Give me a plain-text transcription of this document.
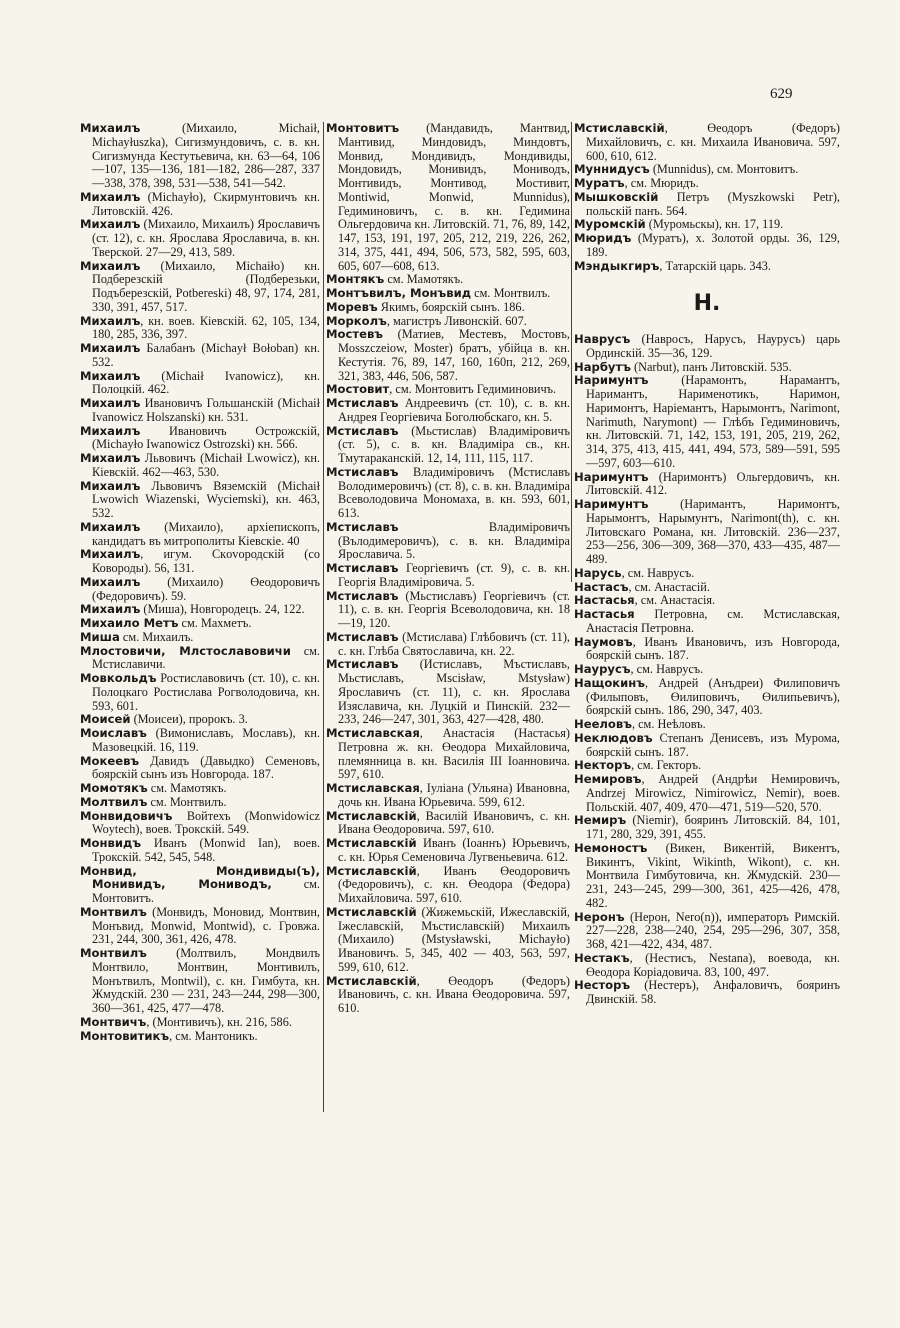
629

Михаилъ (Михаило, Michaił, Michayłuszka), Сигизмундовичъ, с. в. кн. Сигизмунда Кестутьевича, кн. 63—64, 106—107, 135—136, 181—182, 286—287, 337—338, 378, 398, 531—538, 541—542.

Михаилъ (Michayło), Скирмунтовичъ кн. Литовскій. 426.

Михаилъ (Михаило, Михаилъ) Ярославичъ (ст. 12), с. кн. Ярослава Ярославича, в. кн. Тверской. 27—29, 413, 589.

Михаилъ (Михаило, Michaiło) кн. Подберезскій (Подберезьки, Подъберезскій, Potbereski) 48, 97, 174, 281, 330, 391, 457, 517.

Михаилъ, кн. воев. Кіевскій. 62, 105, 134, 180, 285, 336, 397.

Михаилъ Балабанъ (Michaył Bołoban) кн. 532.

Михаилъ (Michaił Ivanowicz), кн. Полоцкій. 462.

Михаилъ Ивановичъ Гольшанскій (Michaił Ivanowicz Holszanski) кн. 531.

Михаилъ Ивановичъ Острожскій, (Michayło Iwanowicz Ostrozski) кн. 566.

Михаилъ Львовичъ (Michaił Lwowicz), кн. Кіевскій. 462—463, 530.

Михаилъ Львовичъ Вяземскій (Michaił Lwowich Wiazenski, Wyciemski), кн. 463, 532.

Михаилъ (Михаило), архіепископъ, кандидатъ въ митрополиты Кіевскіе. 40

Михаилъ, игум. Скovородскій (со Ковороды). 56, 131.

Михаилъ (Михаило) Өеодоровичъ (Федоровичъ). 59.

Михаилъ (Миша), Новгородецъ. 24, 122.

Михаило Метъ см. Махметъ.

Миша см. Михаилъ.

Млостовичи, Млстославовичи см. Мстиславичи.

Мовкольдъ Ростиславовичъ (ст. 10), с. кн. Полоцкаго Ростислава Рогволодовича, кн. 593, 601.

Моисей (Моисеи), пророкъ. 3.

Моиславъ (Вимониславъ, Мославъ), кн. Мазовецкій. 16, 119.

Мокеевъ Давидъ (Давыдко) Семеновъ, боярскій сынъ изъ Новгорода. 187.

Момотякъ см. Мамотякъ.

Молтвилъ см. Монтвилъ.

Монвидовичъ Войтехъ (Monwidowicz Woytech), воев. Трокскій. 549.

Монвидъ Иванъ (Monwid Ian), воев. Трокскій. 542, 545, 548.

Монвид, Мондивиды(ъ), Монивидъ, Мониводъ, см. Монтовитъ.

Монтвилъ (Монвидъ, Моновид, Монтвин, Монъвид, Monwid, Montwid), с. Гровжа. 231, 244, 300, 361, 426, 478.

Монтвилъ (Молтвилъ, Мондвилъ Монтвило, Монтвин, Монтивилъ, Монътвилъ, Montwil), с. кн. Гимбута, кн. Жмудскій. 230 — 231, 243—244, 298—300, 360—361, 425, 477—478.

Монтвичъ, (Монтивичъ), кн. 216, 586.

Монтовитикъ, см. Мантоникъ.

Монтовитъ (Мандавидъ, Мантвид, Мантивид, Миндовидъ, Миндовтъ, Монвид, Мондивидъ, Мондивиды, Мондовидъ, Монивидъ, Мониводъ, Монтивидъ, Монтивод, Мостивит, Montiwid, Monwid, Munnidus), Гедиминовичъ, с. в. кн. Гедимина Ольгердовича кн. Литовскій. 71, 76, 89, 142, 147, 153, 191, 197, 205, 212, 219, 226, 262, 314, 375, 441, 494, 506, 573, 582, 595, 603, 605, 607—608, 613.

Монтякъ см. Мамотякъ.

Монтъвилъ, Монъвид см. Монтвилъ.

Моревъ Якимъ, боярскій сынъ. 186.

Морколъ, магистръ Ливонскій. 607.

Мостевъ (Матиев, Местевъ, Мостовъ, Mosszczeiow, Moster) братъ, убійца в. кн. Кестутія. 76, 89, 147, 160, 160п, 212, 269, 321, 383, 446, 506, 587.

Мостовит, см. Монтовитъ Гедиминовичъ.

Мстиславъ Андреевичъ (ст. 10), с. в. кн. Андрея Георгіевича Боголюбскаго, кн. 5.

Мстиславъ (Мьстислав) Владиміровичъ (ст. 5), с. в. кн. Владиміра св., кн. Тмутараканскій. 12, 14, 111, 115, 117.

Мстиславъ Владиміровичъ (Мстиславъ Володимеровичъ) (ст. 8), с. в. кн. Владиміра Всеволодовича Мономаха, в. кн. 593, 601, 613.

Мстиславъ Владиміровичъ (Вълодимеровичъ), с. в. кн. Владиміра Ярославича. 5.

Мстиславъ Георгіевичъ (ст. 9), с. в. кн. Георгія Владиміровича. 5.

Мстиславъ (Мьстиславъ) Георгіевичъ (ст. 11), с. в. кн. Георгія Всеволодовича, кн. 18—19, 120.

Мстиславъ (Мстислава) Глѣбовичъ (ст. 11), с. кн. Глѣба Святославича, кн. 22.

Мстиславъ (Истиславъ, Мъстиславъ, Мьстиславъ, Mscisław, Mstysław) Ярославичъ (ст. 11), с. кн. Ярослава Изяславича, кн. Луцкій и Пинскій. 232—233, 246—247, 301, 363, 427—428, 480.

Мстиславская, Анастасія (Настасья) Петровна ж. кн. Өеодора Михайловича, племянница в. кн. Василія III Іоанновича. 597, 610.

Мстиславская, Іуліана (Ульяна) Ивановна, дочь кн. Ивана Юрьевича. 599, 612.

Мстиславскій, Василій Ивановичъ, с. кн. Ивана Өеодоровича. 597, 610.

Мстиславскій Иванъ (Іоаннъ) Юрьевичъ, с. кн. Юрья Семеновича Лугвеньевича. 612.

Мстиславскій, Иванъ Өеодоровичъ (Федоровичъ), с. кн. Өеодора (Федора) Михайловича. 597, 610.

Мстиславскій (Жижемьскій, Ижеславскій, Іжеславскій, Мъстиславскій) Михаилъ (Михаило) (Mstysławski, Michayło) Ивановичъ. 5, 345, 402 — 403, 563, 597, 599, 610, 612.

Мстиславскій, Өеодоръ (Федоръ) Ивановичъ, с. кн. Ивана Өеодоровича. 597, 610.

Мстиславскій, Өеодоръ (Федоръ) Михайловичъ, с. кн. Михаила Ивановича. 597, 600, 610, 612.

Муннидусъ (Munnidus), см. Монтовитъ.

Муратъ, см. Мюридъ.

Мышковскій Петръ (Myszkowski Petr), польскій панъ. 564.

Муромскій (Муромьскы), кн. 17, 119.

Мюридъ (Муратъ), х. Золотой орды. 36, 129, 189.

Мэндыкгиръ, Татарскій царь. 343.

Н.

Наврусъ (Навросъ, Нарусъ, Наурусъ) царь Ординскій. 35—36, 129.

Нарбутъ (Narbut), панъ Литовскій. 535.

Наримунтъ (Нарамонтъ, Нарамантъ, Наримантъ, Нарименотикъ, Наримон, Наримонтъ, Наріемантъ, Нарымонтъ, Narimont, Narimuth, Narymont) — Глѣбъ Гедиминовичъ, кн. Литовскій. 71, 142, 153, 191, 205, 219, 262, 314, 375, 413, 415, 441, 494, 573, 589—591, 595—597, 603—610.

Наримунтъ (Наримонтъ) Ольгердовичъ, кн. Литовскій. 412.

Наримунтъ (Наримантъ, Наримонтъ, Нарымонтъ, Нарымунтъ, Narimont(th), с. кн. Литовскаго Романа, кн. Литовскій. 236—237, 253—256, 306—309, 368—370, 433—435, 487—489.

Нарусь, см. Наврусъ.

Настасъ, см. Анастасій.

Настасья, см. Анастасія.

Настасья Петровна, см. Мстиславская, Анастасія Петровна.

Наумовъ, Иванъ Ивановичъ, изъ Новгорода, боярскій сынъ. 187.

Наурусъ, см. Наврусъ.

Нащокинъ, Андрей (Анъдреи) Филиповичъ (Филыповъ, Өилиповичъ, Өилипьевичъ), боярскій сынъ. 186, 290, 347, 403.

Неeловъ, см. Неѣловъ.

Неклюдовъ Степанъ Денисевъ, изъ Мурома, боярскій сынъ. 187.

Некторъ, см. Гекторъ.

Немировъ, Андрей (Андрѣи Немировичъ, Andrzej Mirowicz, Nimirowicz, Nemir), воев. Польскій. 407, 409, 470—471, 519—520, 570.

Немиръ (Niemir), бояринъ Литовскій. 84, 101, 171, 280, 329, 391, 455.

Немоностъ (Викен, Викентій, Викентъ, Викинтъ, Vikint, Wikinth, Wikont), с. кн. Монтвила Гимбутовича, кн. Жмудскій. 230—231, 243—245, 299—300, 361, 425—426, 478, 482.

Неронъ (Нерон, Nero(n)), императоръ Римскій. 227—228, 238—240, 254, 295—296, 307, 358, 368, 421—422, 434, 487.

Нестакъ, (Нестисъ, Nestana), воевода, кн. Өеодора Коріадовича. 83, 100, 497.

Несторъ (Нестеръ), Анфаловичъ, бояринъ Двинскій. 58.
